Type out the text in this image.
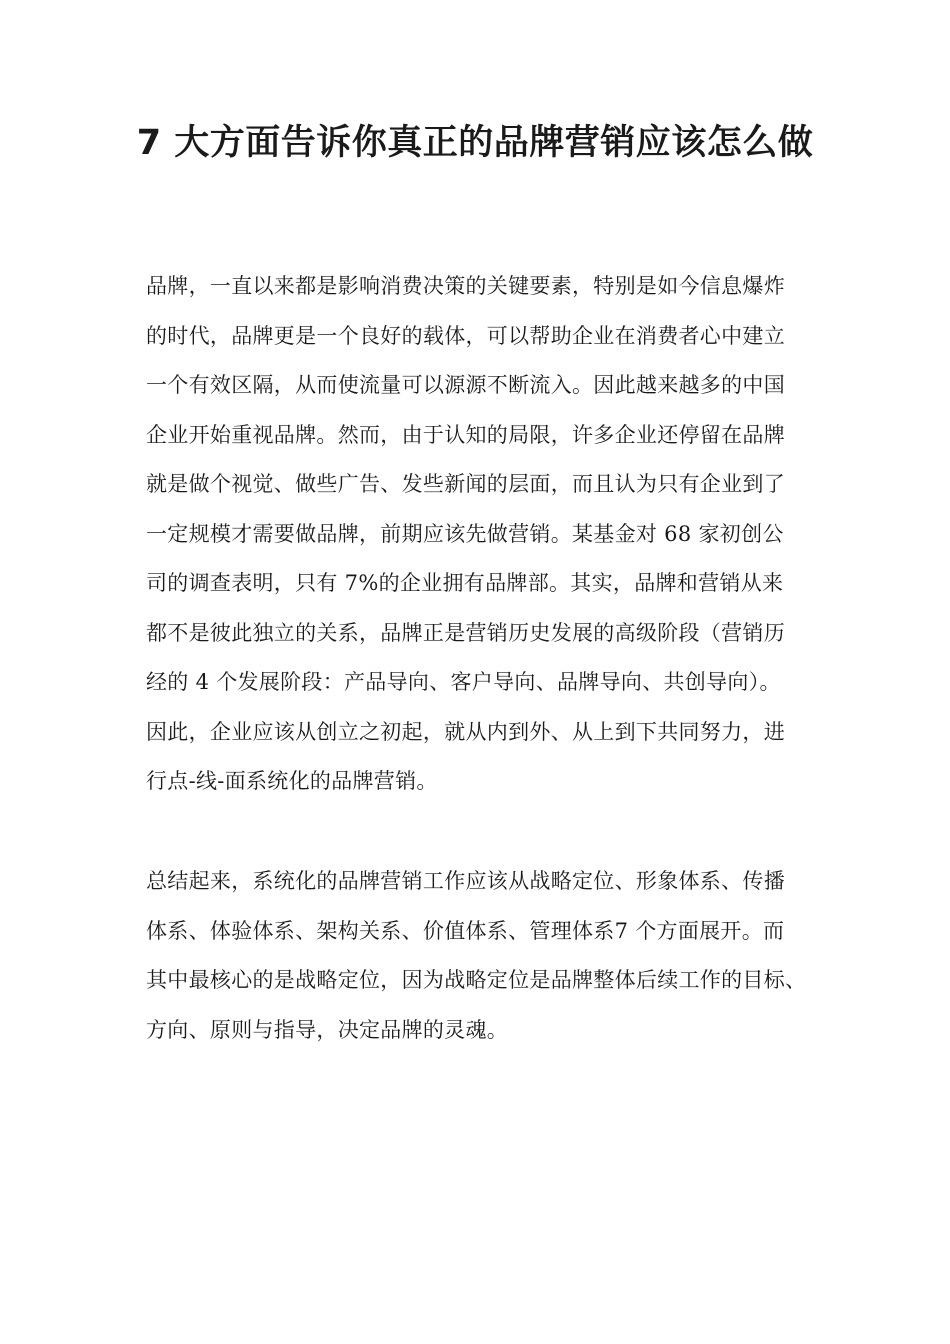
7 大方面告诉你真正的品牌营销应该怎么做
品牌，一直以来都是影响消费决策的关键要素，特别是如今信息爆炸
的时代，品牌更是一个良好的载体，可以帮助企业在消费者心中建立
一个有效区隔，从而使流量可以源源不断流入。因此越来越多的中国
企业开始重视品牌。然而，由于认知的局限，许多企业还停留在品牌
就是做个视觉、做些广告、发些新闻的层面，而且认为只有企业到了
一定规模才需要做品牌，前期应该先做营销。某基金对 68 家初创公
司的调查表明，只有 7%的企业拥有品牌部。其实，品牌和营销从来
都不是彼此独立的关系，品牌正是营销历史发展的高级阶段（营销历
经的 4 个发展阶段：产品导向、客户导向、品牌导向、共创导向）。
因此，企业应该从创立之初起，就从内到外、从上到下共同努力，进
行点-线-面系统化的品牌营销。
总结起来，系统化的品牌营销工作应该从战略定位、形象体系、传播
体系、体验体系、架构关系、价值体系、管理体系7 个方面展开。而
其中最核心的是战略定位，因为战略定位是品牌整体后续工作的目标、
方向、原则与指导，决定品牌的灵魂。
